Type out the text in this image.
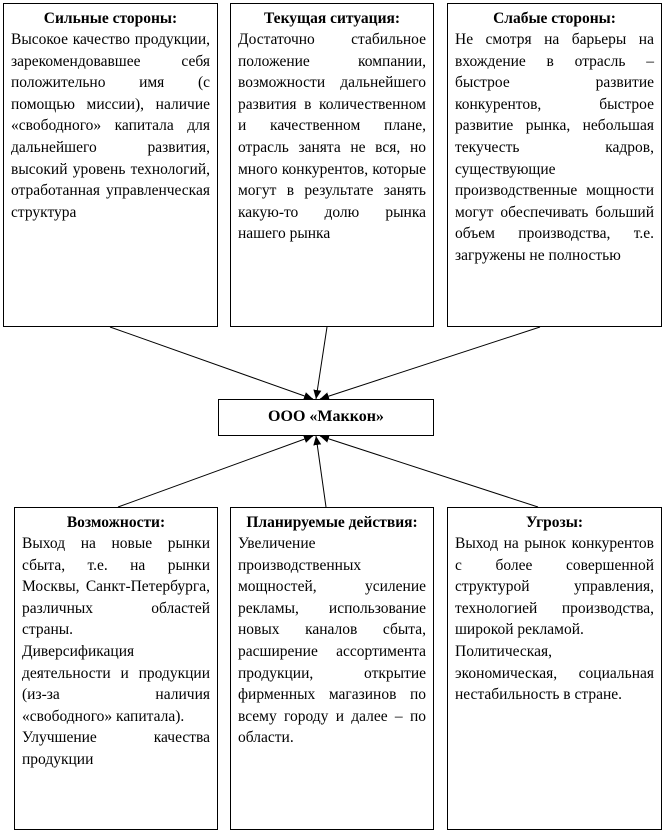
Сильные стороны:
Высокое качество продукции, зарекомендовавшее себя положительно имя (с помощью миссии), наличие «свободного» капитала для дальнейшего развития, высокий уровень технологий, отработанная управленческая структура
Текущая ситуация:
Достаточно стабильное положение компании, возможности дальнейшего развития в количественном и качественном плане, отрасль занята не вся, но много конкурентов, которые могут в результате занять какую-то долю рынка нашего рынка
Слабые стороны:
Не смотря на барьеры на вхождение в отрасль – быстрое развитие конкурентов, быстрое развитие рынка, небольшая текучесть кадров, существующие производственные мощности могут обеспечивать больший объем производства, т.е. загружены не полностью
ООО «Маккон»
Возможности:
Выход на новые рынки сбыта, т.е. на рынки Москвы, Санкт-Петербурга, различных областей страны.
Диверсификация деятельности и продукции (из-за наличия «свободного» капитала).
Улучшение качества продукции
Планируемые действия:
Увеличение производственных мощностей, усиление рекламы, использование новых каналов сбыта, расширение ассортимента продукции, открытие фирменных магазинов по всему городу и далее – по области.
Угрозы:
Выход на рынок конкурентов с более совершенной структурой управления, технологией производства, широкой рекламой.
Политическая, экономическая, социальная нестабильность в стране.
